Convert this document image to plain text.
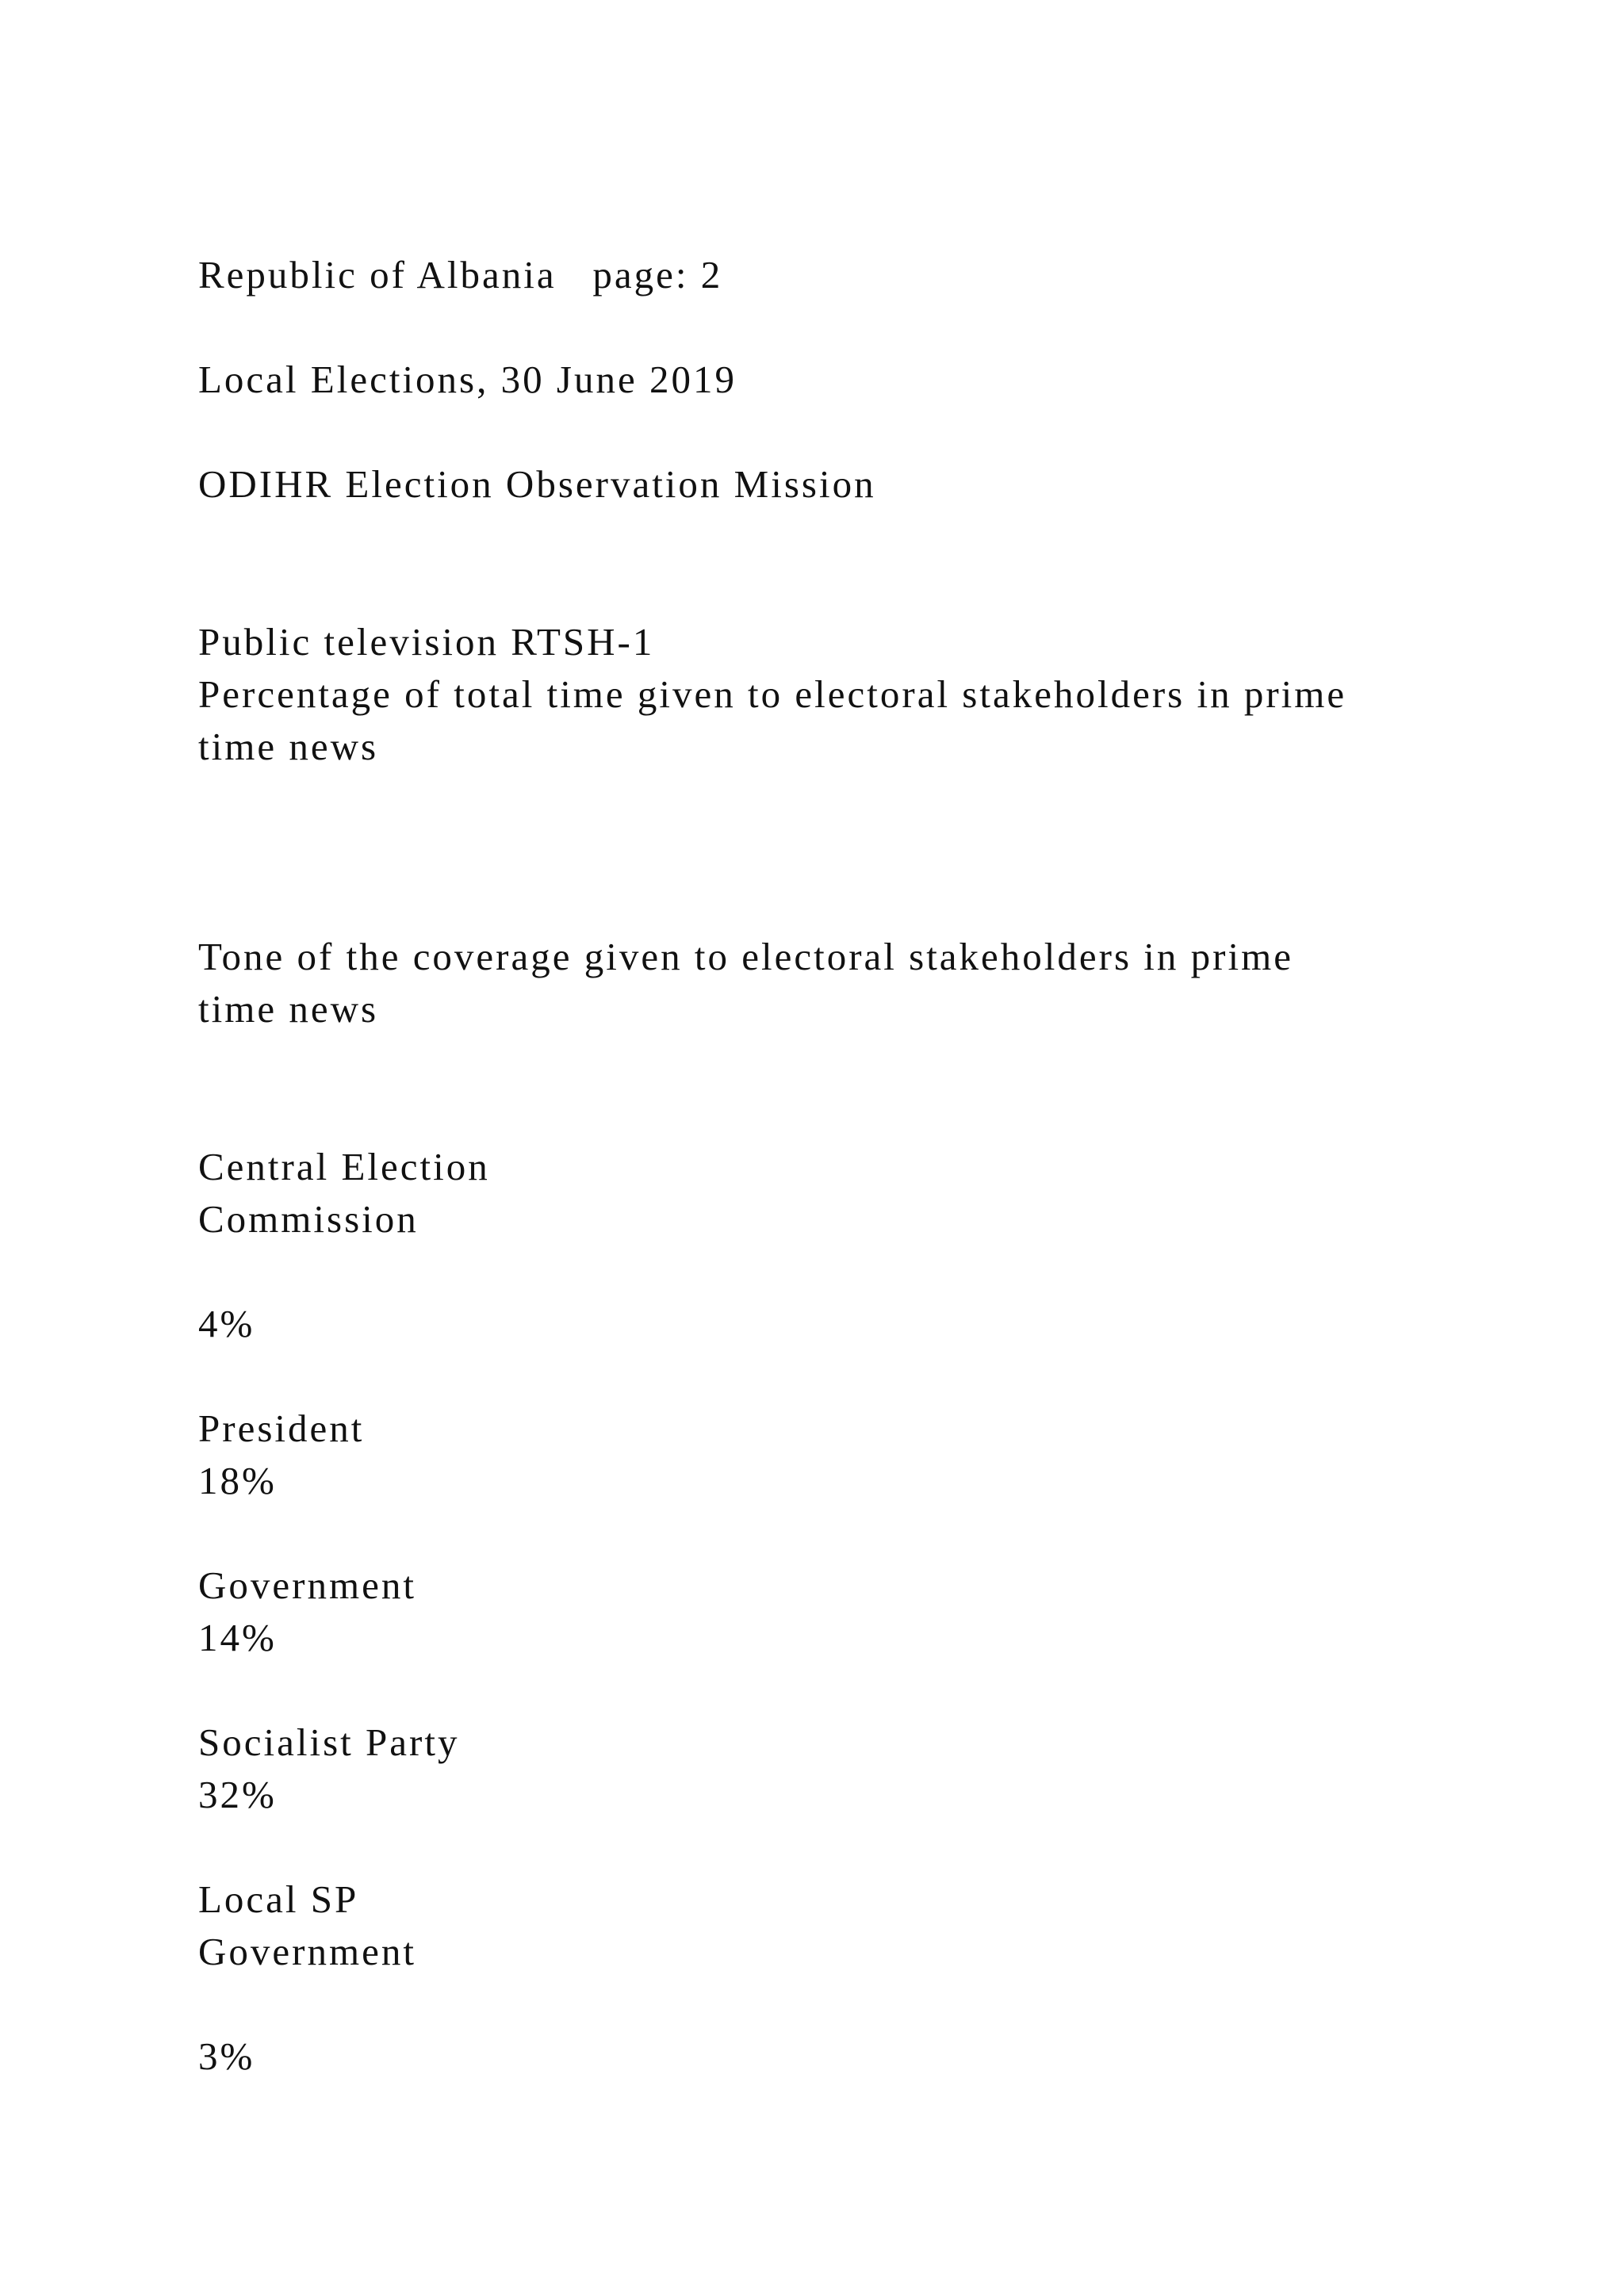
Republic of Albania   page: 2

Local Elections, 30 June 2019

ODIHR Election Observation Mission

Public television RTSH-1

Percentage of total time given to electoral stakeholders in prime

time news

Tone of the coverage given to electoral stakeholders in prime

time news

Central Election

Commission

4%

President

18%

Government

14%

Socialist Party

32%

Local SP

Government

3%
